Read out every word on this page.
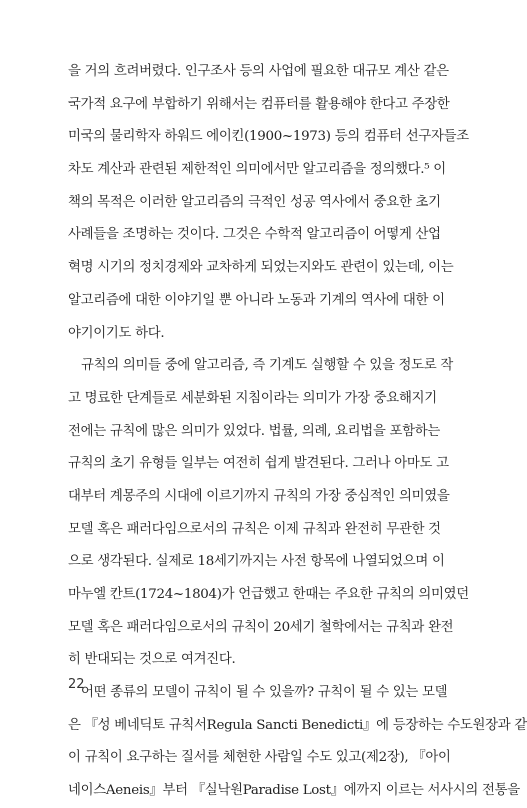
을 거의 흐려버렸다. 인구조사 등의 사업에 필요한 대규모 계산 같은
국가적 요구에 부합하기 위해서는 컴퓨터를 활용해야 한다고 주장한
미국의 물리학자 하워드 에이킨(1900~1973) 등의 컴퓨터 선구자들조
차도 계산과 관련된 제한적인 의미에서만 알고리즘을 정의했다.⁵ 이
책의 목적은 이러한 알고리즘의 극적인 성공 역사에서 중요한 초기
사례들을 조명하는 것이다. 그것은 수학적 알고리즘이 어떻게 산업
혁명 시기의 정치경제와 교차하게 되었는지와도 관련이 있는데, 이는
알고리즘에 대한 이야기일 뿐 아니라 노동과 기계의 역사에 대한 이
야기이기도 하다.
규칙의 의미들 중에 알고리즘, 즉 기계도 실행할 수 있을 정도로 작
고 명료한 단계들로 세분화된 지침이라는 의미가 가장 중요해지기
전에는 규칙에 많은 의미가 있었다. 법률, 의례, 요리법을 포함하는
규칙의 초기 유형들 일부는 여전히 쉽게 발견된다. 그러나 아마도 고
대부터 계몽주의 시대에 이르기까지 규칙의 가장 중심적인 의미였을
모델 혹은 패러다임으로서의 규칙은 이제 규칙과 완전히 무관한 것
으로 생각된다. 실제로 18세기까지는 사전 항목에 나열되었으며 이
마누엘 칸트(1724~1804)가 언급했고 한때는 주요한 규칙의 의미였던
모델 혹은 패러다임으로서의 규칙이 20세기 철학에서는 규칙과 완전
히 반대되는 것으로 여겨진다.
어떤 종류의 모델이 규칙이 될 수 있을까? 규칙이 될 수 있는 모델
은 『성 베네딕토 규칙서Regula Sancti Benedicti』에 등장하는 수도원장과 같
이 규칙이 요구하는 질서를 체현한 사람일 수도 있고(제2장), 『아이
네이스Aeneis』부터 『실낙원Paradise Lost』에까지 이르는 서사시의 전통을
22
